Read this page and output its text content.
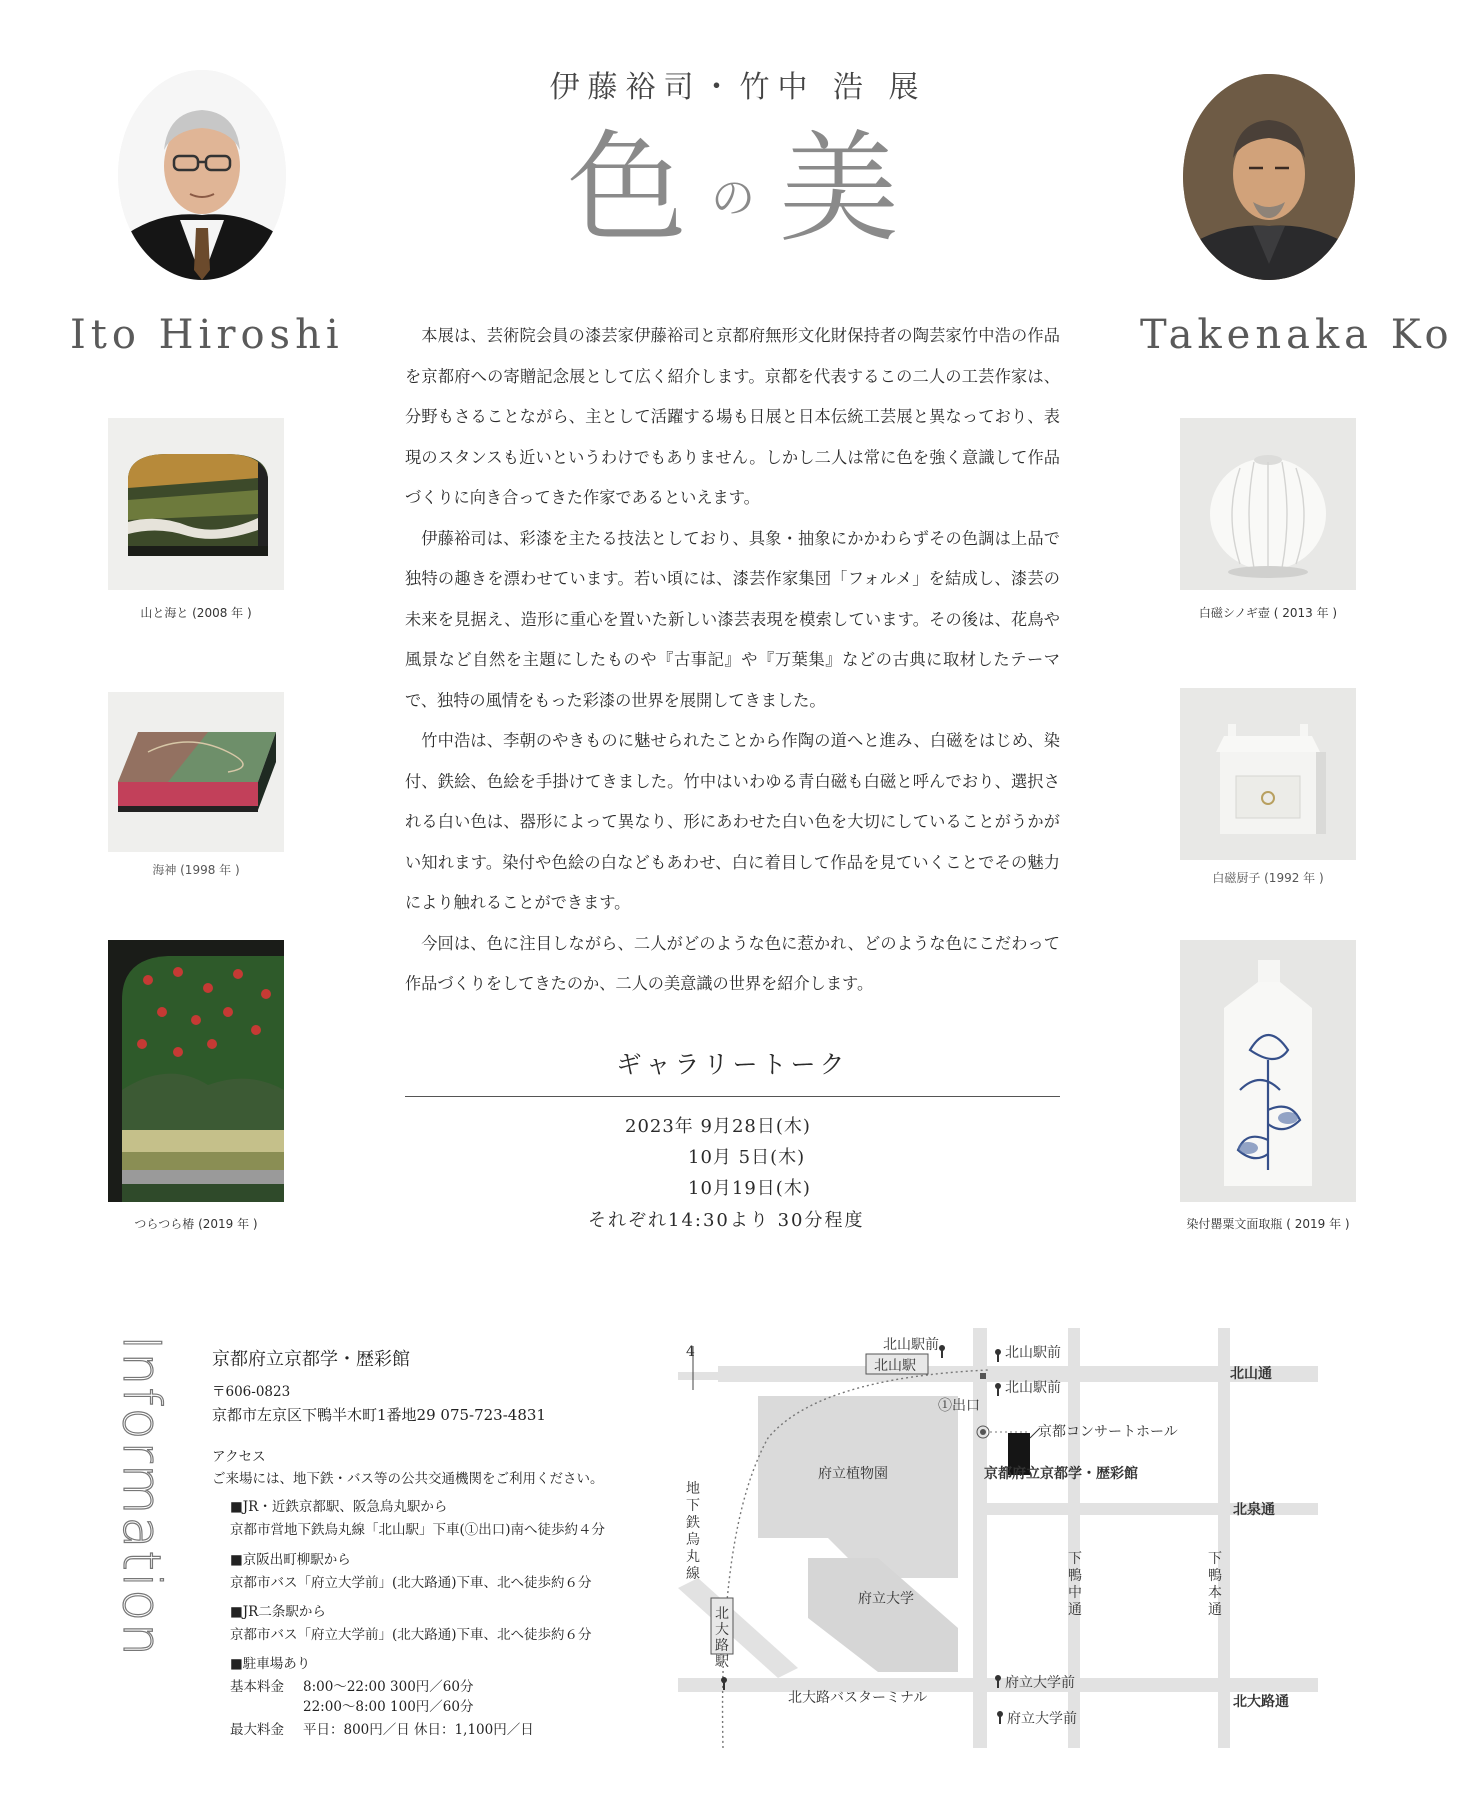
伊藤裕司・竹中 浩 展
色の 美
Ito Hiroshi	Takenaka Ko

本展は、芸術院会員の漆芸家伊藤裕司と京都府無形文化財保持者の陶芸家竹中浩の作品を京都府への寄贈記念展として広く紹介します。京都を代表するこの二人の工芸作家は、分野もさることながら、主として活躍する場も日展と日本伝統工芸展と異なっており、表現のスタンスも近いというわけでもありません。しかし二人は常に色を強く意識して作品づくりに向き合ってきた作家であるといえます。

伊藤裕司は、彩漆を主たる技法としており、具象・抽象にかかわらずその色調は上品で独特の趣きを漂わせています。若い頃には、漆芸作家集団「フォルメ」を結成し、漆芸の未来を見据え、造形に重心を置いた新しい漆芸表現を模索しています。その後は、花鳥や風景など自然を主題にしたものや『古事記』や『万葉集』などの古典に取材したテーマで、独特の風情をもった彩漆の世界を展開してきました。

竹中浩は、李朝のやきものに魅せられたことから作陶の道へと進み、白磁をはじめ、染付、鉄絵、色絵を手掛けてきました。竹中はいわゆる青白磁も白磁と呼んでおり、選択される白い色は、器形によって異なり、形にあわせた白い色を大切にしていることがうかがい知れます。染付や色絵の白などもあわせ、白に着目して作品を見ていくことでその魅力により触れることができます。

今回は、色に注目しながら、二人がどのような色に惹かれ、どのような色にこだわって作品づくりをしてきたのか、二人の美意識の世界を紹介します。

山と海と (2008 年 )
海神 (1998 年 )
つらつら椿 (2019 年 )
白磁シノギ壺 ( 2013 年 )
白磁厨子 (1992 年 )
染付罌粟文面取瓶 ( 2019 年 )
ギャラリートーク
2023年 9月28日(木)
10月 5日(木)
10月19日(木)
それぞれ14:30より 30分程度
Information 京都府立京都学・歴彩館
〒606-0823
京都市左京区下鴨半木町1番地29 075-723-4831
アクセス
ご来場には、地下鉄・バス等の公共交通機関をご利用ください。
■JR・近鉄京都駅、阪急烏丸駅から
京都市営地下鉄烏丸線「北山駅」下車(①出口)南へ徒歩約４分
■京阪出町柳駅から
京都市バス「府立大学前」(北大路通)下車、北へ徒歩約６分
■JR二条駅から
京都市バス「府立大学前」(北大路通)下車、北へ徒歩約６分
■駐車場あり
基本料金 8:00〜22:00 300円／60分
22:00〜8:00 100円／60分
最大料金 平日：800円／日 休日：1,100円／日
4	北山駅前
北山駅
北山駅前
北山駅前
北山通
①出口
京都コンサートホール
府立植物園	京都府立京都学・歴彩館
北泉通
府立大学
北大路バスターミナル
府立大学前
府立大学前
北大路通
地下鉄烏丸線
北大路駅
下鴨中通
下鴨本通
